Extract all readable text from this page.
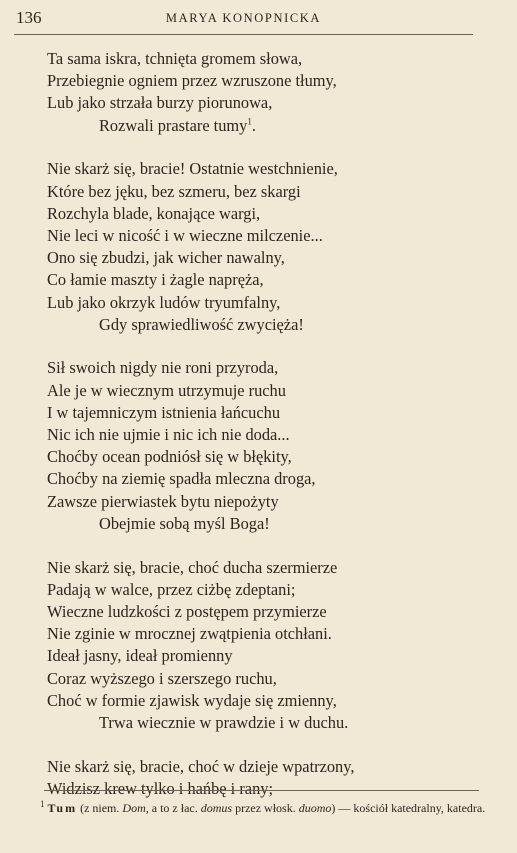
136	MARYA KONOPNICKA
Ta sama iskra, tchnięta gromem słowa,
Przebiegnie ogniem przez wzruszone tłumy,
Lub jako strzała burzy piorunowa,
Rozwali prastare tumy$^1$.
Nie skarż się, bracie! Ostatnie westchnienie,
Które bez jęku, bez szmeru, bez skargi
Rozchyla blade, konające wargi,
Nie leci w nicość i w wieczne milczenie...
Ono się zbudzi, jak wicher nawalny,
Co łamie maszty i żagle napręża,
Lub jako okrzyk ludów tryumfalny,
Gdy sprawiedliwość zwycięża!
Sił swoich nigdy nie roni przyroda,
Ale je w wiecznym utrzymuje ruchu
I w tajemniczym istnienia łańcuchu
Nic ich nie ujmie i nic ich nie doda...
Choćby ocean podniósł się w błękity,
Choćby na ziemię spadła mleczna droga,
Zawsze pierwiastek bytu niepożyty
Obejmie sobą myśl Boga!
Nie skarż się, bracie, choć ducha szermierze
Padają w walce, przez ciżbę zdeptani;
Wieczne ludzkości z postępem przymierze
Nie zginie w mrocznej zwątpienia otchłani.
Ideał jasny, ideał promienny
Coraz wyższego i szerszego ruchu,
Choć w formie zjawisk wydaje się zmienny,
Trwa wiecznie w prawdzie i w duchu.
Nie skarż się, bracie, choć w dzieje wpatrzony,
Widzisz krew tylko i hańbę i rany;
$^1$ Tum (z niem. Dom, a to z łac. domus przez włosk. duomo) — kościół katedralny, katedra.
